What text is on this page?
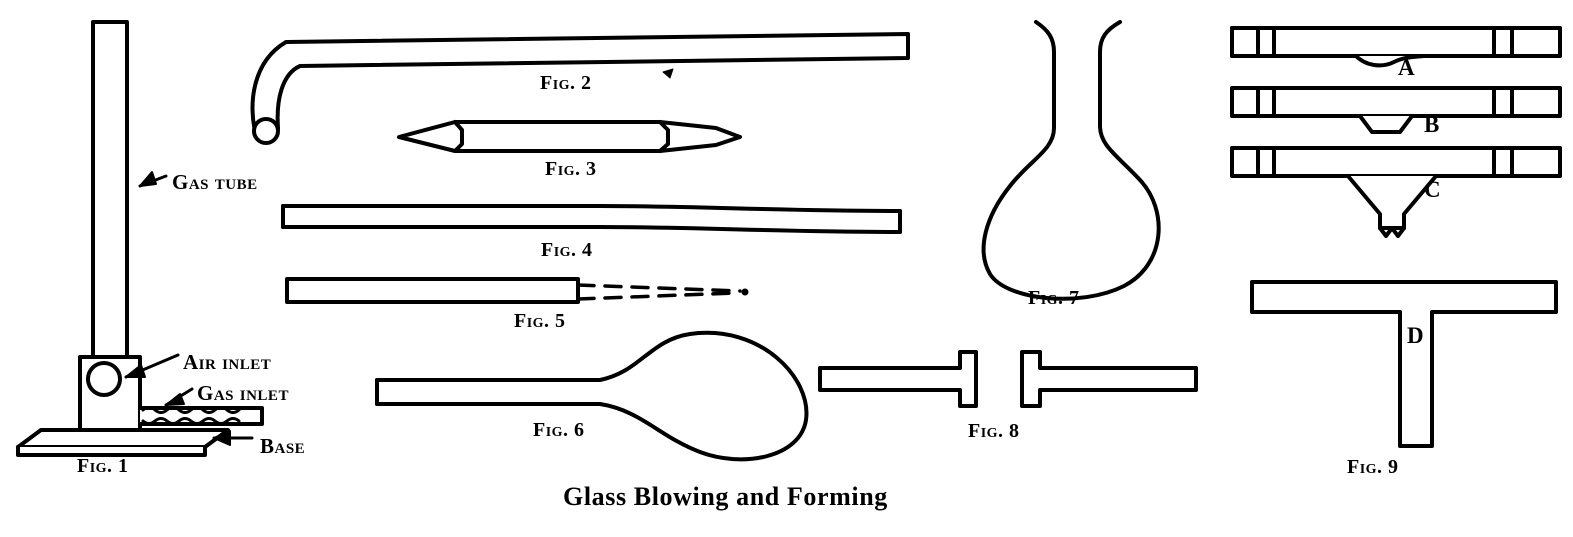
Fig. 1
Fig. 2
Fig. 3
Fig. 4
Fig. 5
Fig. 6
Fig. 7
Fig. 8
Fig. 9
Gas tube
Air inlet
Gas inlet
Base
A
B
C
D
Glass Blowing and Forming
